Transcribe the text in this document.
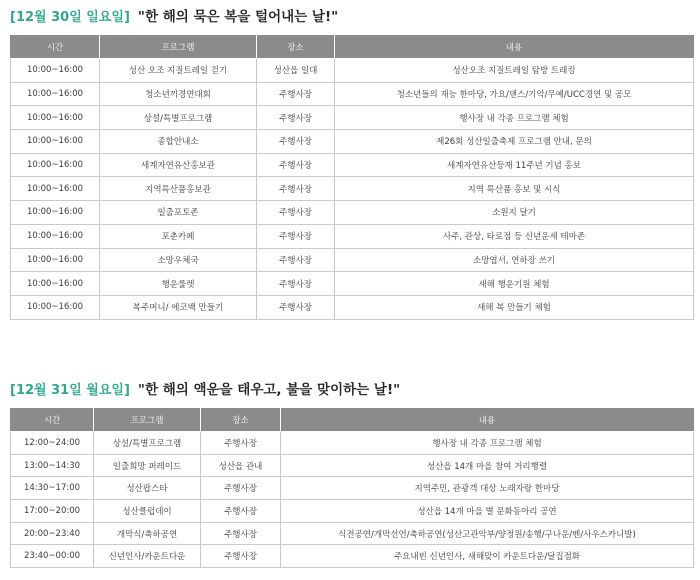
[12월 30일 일요일] "한 해의 묵은 복을 털어내는 날!"
시간	프로그램	장소	내용
10:00~16:00	성산 오조 지질트레일 걷기	성산읍 일대	성산오조 지질트레일 탐방 트래킹
10:00~16:00	청소년끼경연대회	주행사장	청소년들의 재능 한마당, 가요/댄스/기악/무예/UCC경연 및 공모
10:00~16:00	상설/특별프로그램	주행사장	행사장 내 각종 프로그램 체험
10:00~16:00	종합안내소	주행사장	제26회 성산일출축제 프로그램 안내, 문의
10:00~16:00	세계자연유산홍보관	주행사장	세계자연유산등재 11주년 기념 홍보
10:00~16:00	지역특산품홍보관	주행사장	지역 특산품 홍보 및 시식
10:00~16:00	일출포토존	주행사장	소원지 달기
10:00~16:00	포춘카페	주행사장	사주, 관상, 타로점 등 신년운세 테마존
10:00~16:00	소망우체국	주행사장	소망엽서, 연하장 쓰기
10:00~16:00	행운룰렛	주행사장	새해 행운기원 체험
10:00~16:00	복주머니/ 에코백 만들기	주행사장	새해 복 만들기 체험
[12월 31일 월요일] "한 해의 액운을 태우고, 불을 맞이하는 날!"
시간	프로그램	장소	내용
12:00~24:00	상설/특별프로그램	주행사장	행사장 내 각종 프로그램 체험
13:00~14:30	일출희망 퍼레이드	성산읍 관내	성산읍 14개 마을 참여 거리행렬
14:30~17:00	성산팝스타	주행사장	지역주민, 관광객 대상 노래자랑 한마당
17:00~20:00	성산클럽데이	주행사장	성산읍 14개 마을 별 문화동아리 공연
20:00~23:40	개막식/축하공연	주행사장	식전공연/개막선언/축하공연(성산고관악부/양정원/송행/구나운/벤/사우스카니발)
23:40~00:00	신년인사/카운트다운	주행사장	주요내빈 신년인사, 새해맞이 카운트다운/달집점화
